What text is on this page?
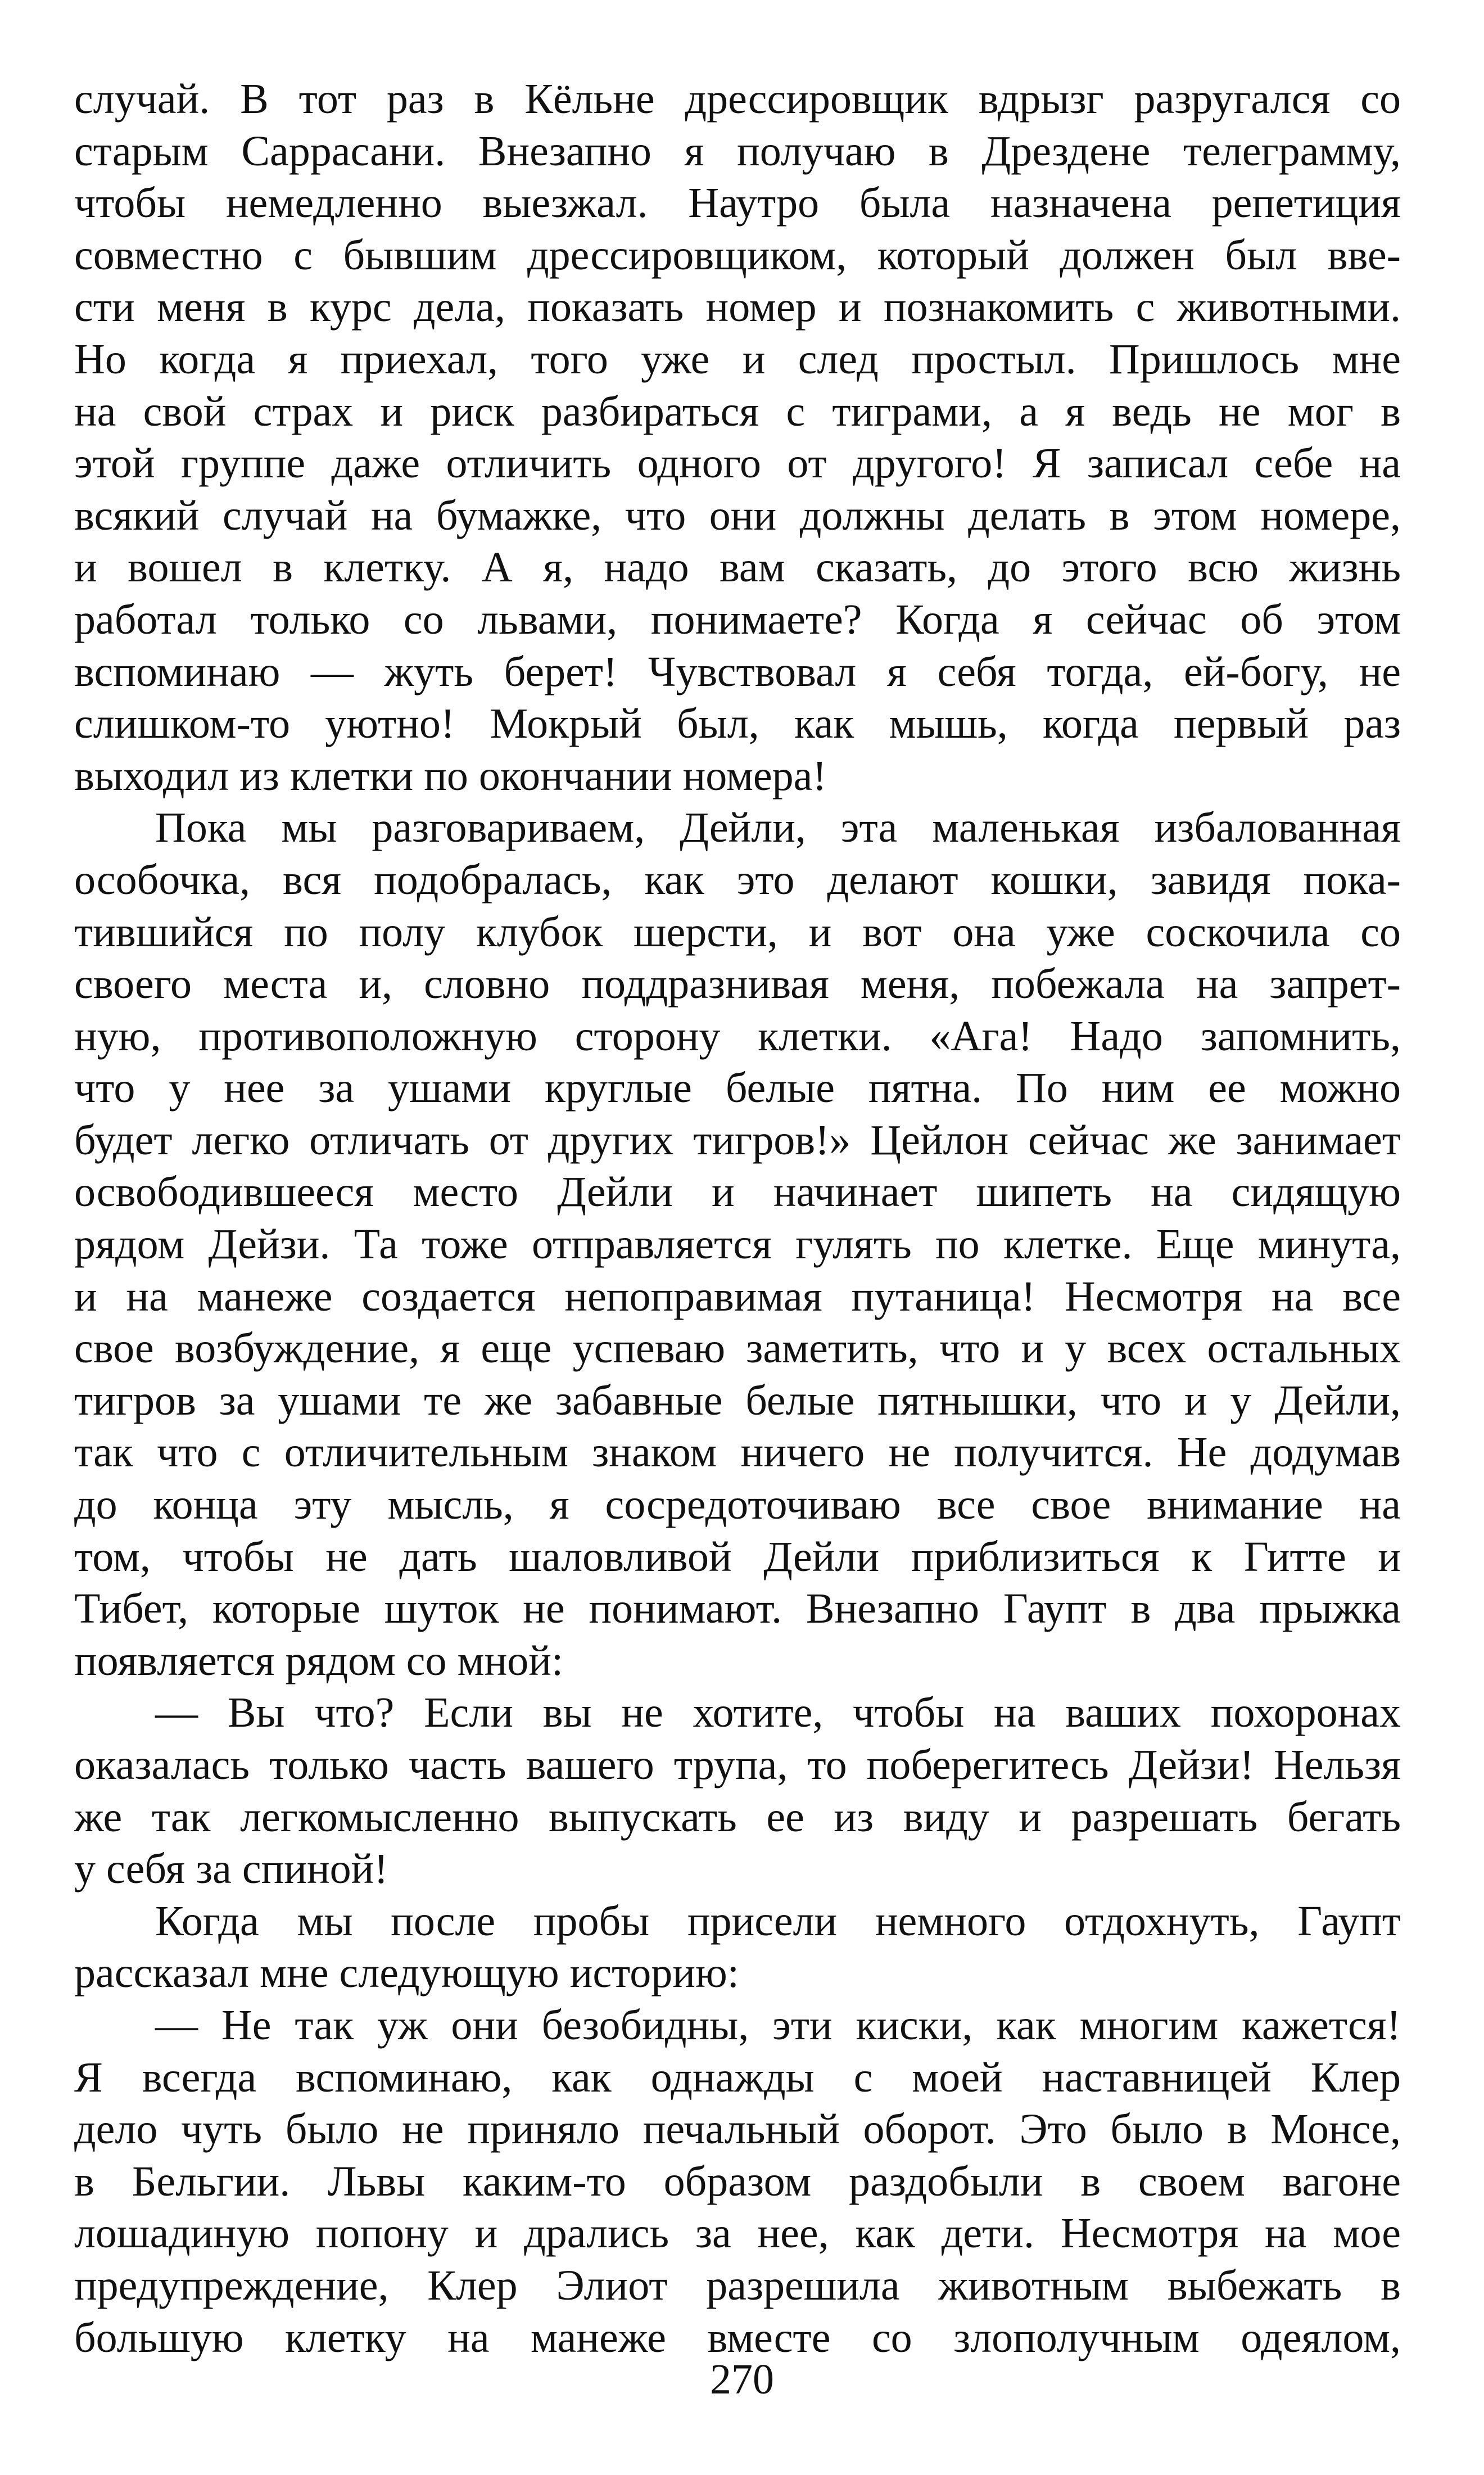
случай. В тот раз в Кёльне дрессировщик вдрызг разругался со
старым Саррасани. Внезапно я получаю в Дрездене телеграмму,
чтобы немедленно выезжал. Наутро была назначена репетиция
совместно с бывшим дрессировщиком, который должен был вве-
сти меня в курс дела, показать номер и познакомить с животными.
Но когда я приехал, того уже и след простыл. Пришлось мне
на свой страх и риск разбираться с тиграми, а я ведь не мог в
этой группе даже отличить одного от другого! Я записал себе на
всякий случай на бумажке, что они должны делать в этом номере,
и вошел в клетку. А я, надо вам сказать, до этого всю жизнь
работал только со львами, понимаете? Когда я сейчас об этом
вспоминаю — жуть берет! Чувствовал я себя тогда, ей-богу, не
слишком-то уютно! Мокрый был, как мышь, когда первый раз
выходил из клетки по окончании номера!
Пока мы разговариваем, Дейли, эта маленькая избалованная
особочка, вся подобралась, как это делают кошки, завидя пока-
тившийся по полу клубок шерсти, и вот она уже соскочила со
своего места и, словно поддразнивая меня, побежала на запрет-
ную, противоположную сторону клетки. «Ага! Надо запомнить,
что у нее за ушами круглые белые пятна. По ним ее можно
будет легко отличать от других тигров!» Цейлон сейчас же занимает
освободившееся место Дейли и начинает шипеть на сидящую
рядом Дейзи. Та тоже отправляется гулять по клетке. Еще минута,
и на манеже создается непоправимая путаница! Несмотря на все
свое возбуждение, я еще успеваю заметить, что и у всех остальных
тигров за ушами те же забавные белые пятнышки, что и у Дейли,
так что с отличительным знаком ничего не получится. Не додумав
до конца эту мысль, я сосредоточиваю все свое внимание на
том, чтобы не дать шаловливой Дейли приблизиться к Гитте и
Тибет, которые шуток не понимают. Внезапно Гаупт в два прыжка
появляется рядом со мной:
— Вы что? Если вы не хотите, чтобы на ваших похоронах
оказалась только часть вашего трупа, то поберегитесь Дейзи! Нельзя
же так легкомысленно выпускать ее из виду и разрешать бегать
у себя за спиной!
Когда мы после пробы присели немного отдохнуть, Гаупт
рассказал мне следующую историю:
— Не так уж они безобидны, эти киски, как многим кажется!
Я всегда вспоминаю, как однажды с моей наставницей Клер
дело чуть было не приняло печальный оборот. Это было в Монсе,
в Бельгии. Львы каким-то образом раздобыли в своем вагоне
лошадиную попону и дрались за нее, как дети. Несмотря на мое
предупреждение, Клер Элиот разрешила животным выбежать в
большую клетку на манеже вместе со злополучным одеялом,
270
